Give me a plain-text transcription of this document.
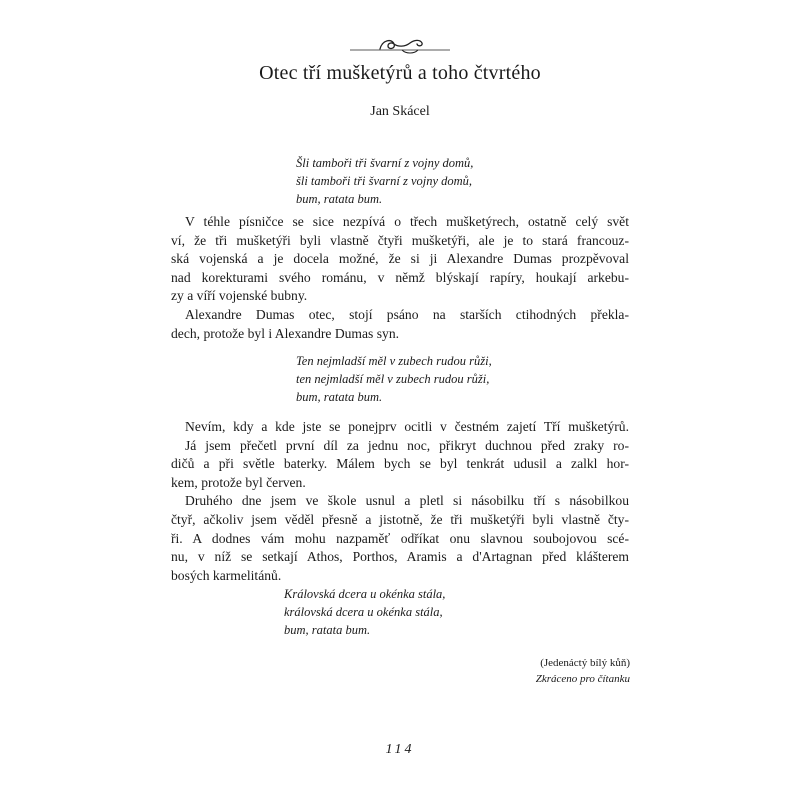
Otec tří mušketýrů a toho čtvrtého
Jan Skácel
Šli tamboři tři švarní z vojny domů,
šli tamboři tři švarní z vojny domů,
bum, ratata bum.
V téhle písničce se sice nezpívá o třech mušketýrech, ostatně celý svět
ví, že tři mušketýři byli vlastně čtyři mušketýři, ale je to stará francouz-
ská vojenská a je docela možné, že si ji Alexandre Dumas prozpěvoval
nad korekturami svého románu, v němž blýskají rapíry, houkají arkebu-
zy a víří vojenské bubny.
Alexandre Dumas otec, stojí psáno na starších ctihodných překla-
dech, protože byl i Alexandre Dumas syn.
Ten nejmladší měl v zubech rudou růži,
ten nejmladší měl v zubech rudou růži,
bum, ratata bum.
Nevím, kdy a kde jste se ponejprv ocitli v čestném zajetí Tří mušketýrů.
Já jsem přečetl první díl za jednu noc, přikryt duchnou před zraky ro-
dičů a při světle baterky. Málem bych se byl tenkrát udusil a zalkl hor-
kem, protože byl červen.
Druhého dne jsem ve škole usnul a pletl si násobilku tří s násobilkou
čtyř, ačkoliv jsem věděl přesně a jistotně, že tři mušketýři byli vlastně čty-
ři. A dodnes vám mohu nazpaměť odříkat onu slavnou soubojovou scé-
nu, v níž se setkají Athos, Porthos, Aramis a d'Artagnan před klášterem
bosých karmelitánů.
Královská dcera u okénka stála,
královská dcera u okénka stála,
bum, ratata bum.
(Jedenáctý bílý kůň)
Zkráceno pro čítanku
114
